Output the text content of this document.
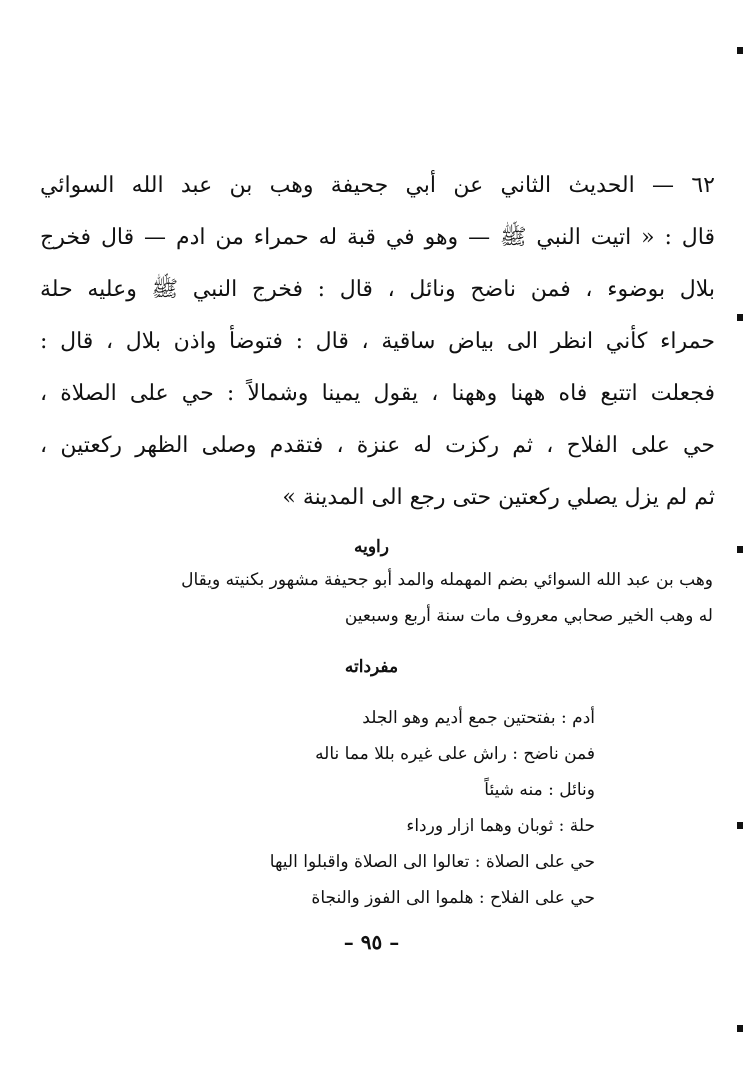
٦٢ — الحديث الثاني عن أبي جحيفة وهب بن عبد الله السوائي
قال : « اتيت النبي ﷺ — وهو في قبة له حمراء من ادم — قال فخرج
بلال بوضوء ، فمن ناضح ونائل ، قال : فخرج النبي ﷺ وعليه حلة
حمراء كأني انظر الى بياض ساقية ، قال : فتوضأ واذن بلال ، قال :
فجعلت اتتبع فاه ههنا وههنا ، يقول يمينا وشمالاً : حي على الصلاة ،
حي على الفلاح ، ثم ركزت له عنزة ، فتقدم وصلى الظهر ركعتين ،
ثم لم يزل يصلي ركعتين حتى رجع الى المدينة »
راويه
وهب بن عبد الله السوائي بضم المهمله والمد أبو جحيفة مشهور بكنيته ويقال
له وهب الخير صحابي معروف مات سنة أربع وسبعين
مفرداته
أدم : بفتحتين جمع أديم وهو الجلد
فمن ناضح : راش على غيره بللا مما ناله
ونائل : منه شيئاً
حلة : ثوبان وهما ازار ورداء
حي على الصلاة : تعالوا الى الصلاة واقبلوا اليها
حي على الفلاح : هلموا الى الفوز والنجاة
– ٩٥ –
